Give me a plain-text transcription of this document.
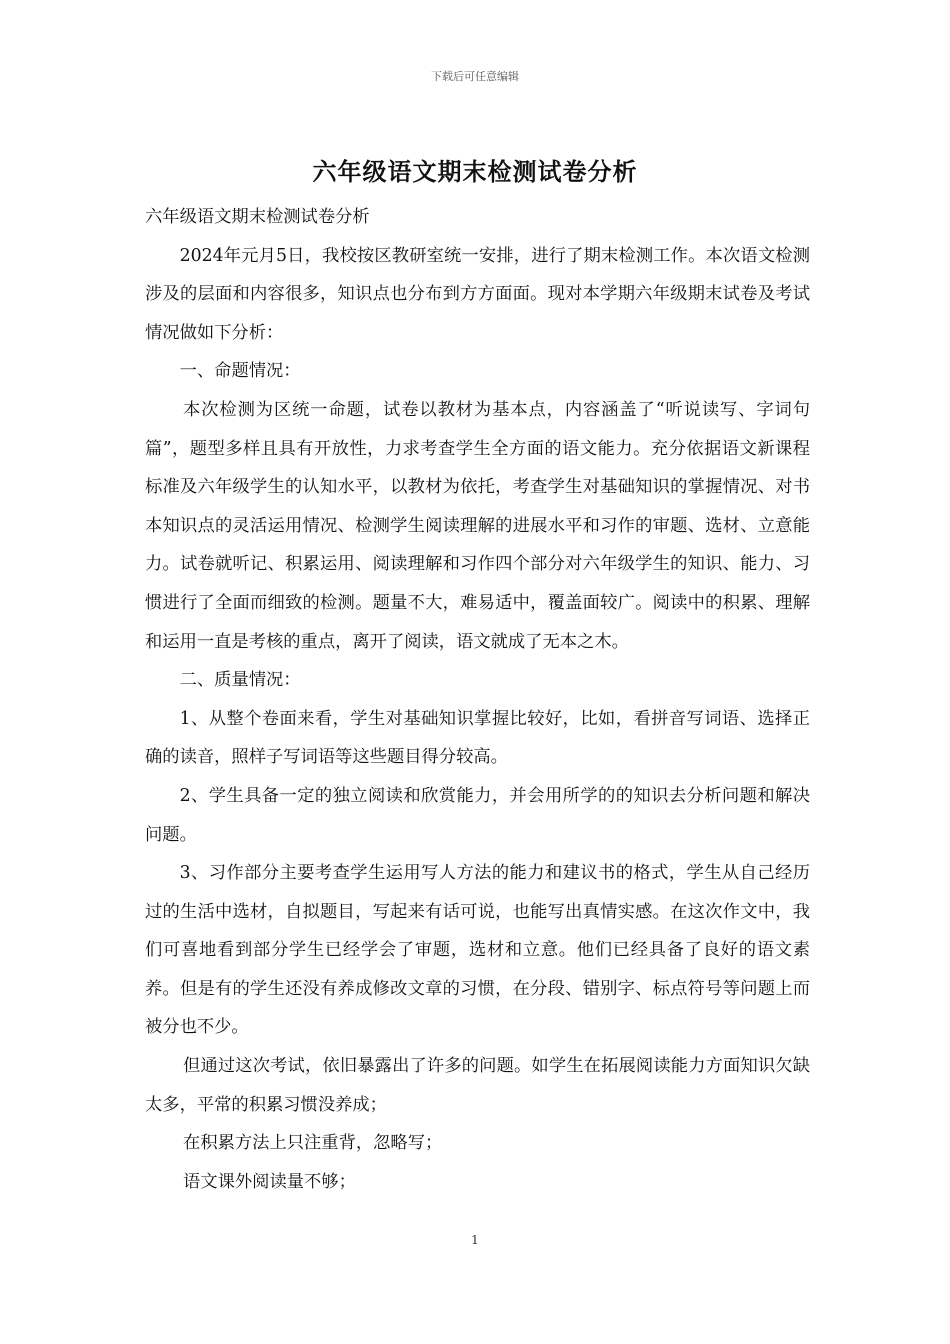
下载后可任意编辑
六年级语文期末检测试卷分析

六年级语文期末检测试卷分析

2024年元月5日，我校按区教研室统一安排，进行了期末检测工作。本次语文检测涉及的层面和内容很多，知识点也分布到方方面面。现对本学期六年级期末试卷及考试情况做如下分析：

一、命题情况：

本次检测为区统一命题，试卷以教材为基本点，内容涵盖了“听说读写、字词句篇”，题型多样且具有开放性，力求考查学生全方面的语文能力。充分依据语文新课程标准及六年级学生的认知水平，以教材为依托，考查学生对基础知识的掌握情况、对书本知识点的灵活运用情况、检测学生阅读理解的进展水平和习作的审题、选材、立意能力。试卷就听记、积累运用、阅读理解和习作四个部分对六年级学生的知识、能力、习惯进行了全面而细致的检测。题量不大，难易适中，覆盖面较广。阅读中的积累、理解和运用一直是考核的重点，离开了阅读，语文就成了无本之木。

二、质量情况：

1、从整个卷面来看，学生对基础知识掌握比较好，比如，看拼音写词语、选择正确的读音，照样子写词语等这些题目得分较高。

2、学生具备一定的独立阅读和欣赏能力，并会用所学的的知识去分析问题和解决问题。

3、习作部分主要考查学生运用写人方法的能力和建议书的格式，学生从自己经历过的生活中选材，自拟题目，写起来有话可说，也能写出真情实感。在这次作文中，我们可喜地看到部分学生已经学会了审题，选材和立意。他们已经具备了良好的语文素养。但是有的学生还没有养成修改文章的习惯，在分段、错别字、标点符号等问题上而被分也不少。

但通过这次考试，依旧暴露出了许多的问题。如学生在拓展阅读能力方面知识欠缺太多，平常的积累习惯没养成；

在积累方法上只注重背，忽略写；

语文课外阅读量不够；

1
